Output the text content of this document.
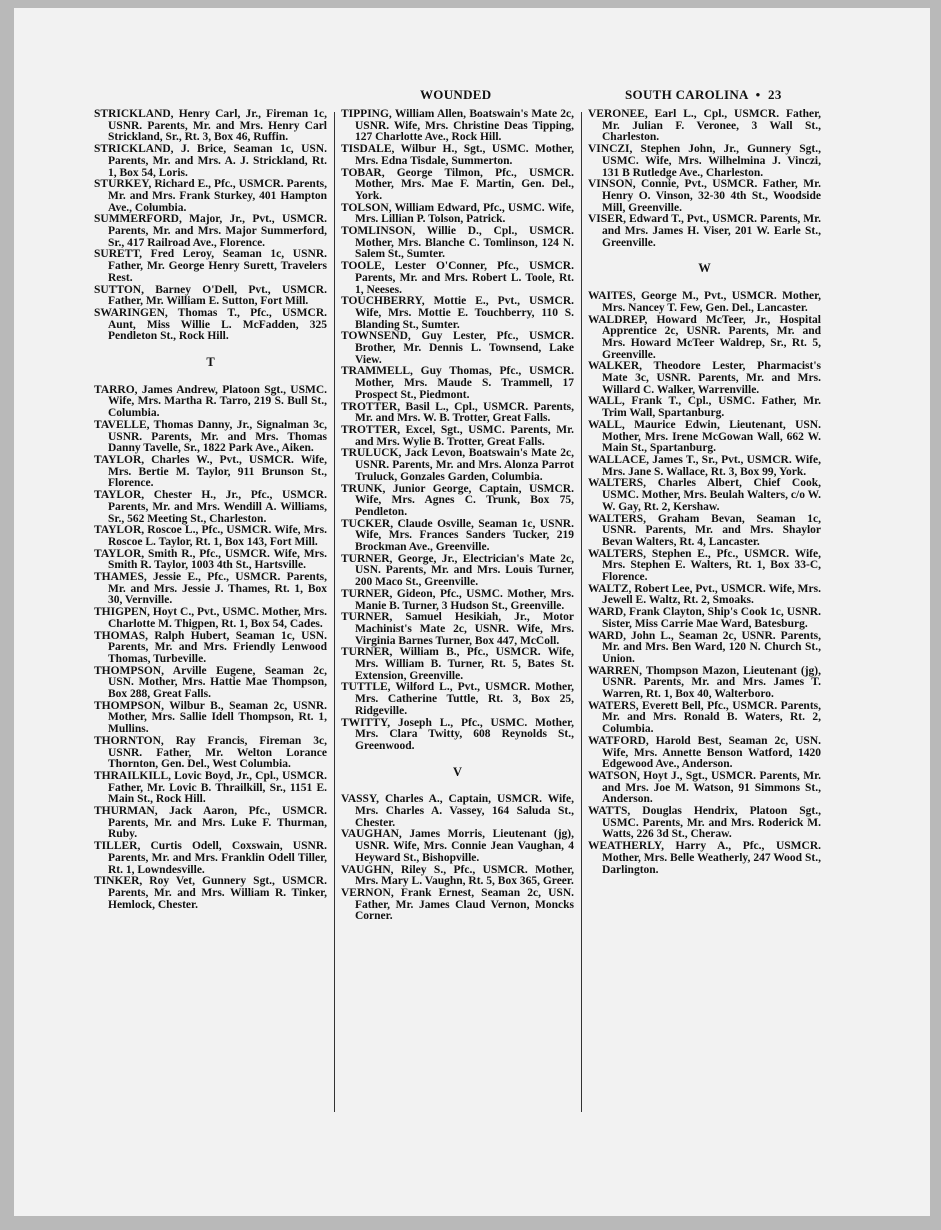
WOUNDED	SOUTH CAROLINA • 23

STRICKLAND, Henry Carl, Jr., Fireman 1c, USNR. Parents, Mr. and Mrs. Henry Carl Strickland, Sr., Rt. 3, Box 46, Ruffin.

STRICKLAND, J. Brice, Seaman 1c, USN. Parents, Mr. and Mrs. A. J. Strickland, Rt. 1, Box 54, Loris.

STURKEY, Richard E., Pfc., USMCR. Parents, Mr. and Mrs. Frank Sturkey, 401 Hampton Ave., Columbia.

SUMMERFORD, Major, Jr., Pvt., USMCR. Parents, Mr. and Mrs. Major Summerford, Sr., 417 Railroad Ave., Florence.

SURETT, Fred Leroy, Seaman 1c, USNR. Father, Mr. George Henry Surett, Travelers Rest.

SUTTON, Barney O'Dell, Pvt., USMCR. Father, Mr. William E. Sutton, Fort Mill.

SWARINGEN, Thomas T., Pfc., USMCR. Aunt, Miss Willie L. McFadden, 325 Pendleton St., Rock Hill.

T

TARRO, James Andrew, Platoon Sgt., USMC. Wife, Mrs. Martha R. Tarro, 219 S. Bull St., Columbia.

TAVELLE, Thomas Danny, Jr., Signalman 3c, USNR. Parents, Mr. and Mrs. Thomas Danny Tavelle, Sr., 1822 Park Ave., Aiken.

TAYLOR, Charles W., Pvt., USMCR. Wife, Mrs. Bertie M. Taylor, 911 Brunson St., Florence.

TAYLOR, Chester H., Jr., Pfc., USMCR. Parents, Mr. and Mrs. Wendill A. Williams, Sr., 562 Meeting St., Charleston.

TAYLOR, Roscoe L., Pfc., USMCR. Wife, Mrs. Roscoe L. Taylor, Rt. 1, Box 143, Fort Mill.

TAYLOR, Smith R., Pfc., USMCR. Wife, Mrs. Smith R. Taylor, 1003 4th St., Hartsville.

THAMES, Jessie E., Pfc., USMCR. Parents, Mr. and Mrs. Jessie J. Thames, Rt. 1, Box 30, Vernville.

THIGPEN, Hoyt C., Pvt., USMC. Mother, Mrs. Charlotte M. Thigpen, Rt. 1, Box 54, Cades.

THOMAS, Ralph Hubert, Seaman 1c, USN. Parents, Mr. and Mrs. Friendly Lenwood Thomas, Turbeville.

THOMPSON, Arville Eugene, Seaman 2c, USN. Mother, Mrs. Hattie Mae Thompson, Box 288, Great Falls.

THOMPSON, Wilbur B., Seaman 2c, USNR. Mother, Mrs. Sallie Idell Thompson, Rt. 1, Mullins.

THORNTON, Ray Francis, Fireman 3c, USNR. Father, Mr. Welton Lorance Thornton, Gen. Del., West Columbia.

THRAILKILL, Lovic Boyd, Jr., Cpl., USMCR. Father, Mr. Lovic B. Thrailkill, Sr., 1151 E. Main St., Rock Hill.

THURMAN, Jack Aaron, Pfc., USMCR. Parents, Mr. and Mrs. Luke F. Thurman, Ruby.

TILLER, Curtis Odell, Coxswain, USNR. Parents, Mr. and Mrs. Franklin Odell Tiller, Rt. 1, Lowndesville.

TINKER, Roy Vet, Gunnery Sgt., USMCR. Parents, Mr. and Mrs. William R. Tinker, Hemlock, Chester.

TIPPING, William Allen, Boatswain's Mate 2c, USNR. Wife, Mrs. Christine Deas Tipping, 127 Charlotte Ave., Rock Hill.

TISDALE, Wilbur H., Sgt., USMC. Mother, Mrs. Edna Tisdale, Summerton.

TOBAR, George Tilmon, Pfc., USMCR. Mother, Mrs. Mae F. Martin, Gen. Del., York.

TOLSON, William Edward, Pfc., USMC. Wife, Mrs. Lillian P. Tolson, Patrick.

TOMLINSON, Willie D., Cpl., USMCR. Mother, Mrs. Blanche C. Tomlinson, 124 N. Salem St., Sumter.

TOOLE, Lester O'Conner, Pfc., USMCR. Parents, Mr. and Mrs. Robert L. Toole, Rt. 1, Neeses.

TOUCHBERRY, Mottie E., Pvt., USMCR. Wife, Mrs. Mottie E. Touchberry, 110 S. Blanding St., Sumter.

TOWNSEND, Guy Lester, Pfc., USMCR. Brother, Mr. Dennis L. Townsend, Lake View.

TRAMMELL, Guy Thomas, Pfc., USMCR. Mother, Mrs. Maude S. Trammell, 17 Prospect St., Piedmont.

TROTTER, Basil L., Cpl., USMCR. Parents, Mr. and Mrs. W. B. Trotter, Great Falls.

TROTTER, Excel, Sgt., USMC. Parents, Mr. and Mrs. Wylie B. Trotter, Great Falls.

TRULUCK, Jack Levon, Boatswain's Mate 2c, USNR. Parents, Mr. and Mrs. Alonza Parrot Truluck, Gonzales Garden, Columbia.

TRUNK, Junior George, Captain, USMCR. Wife, Mrs. Agnes C. Trunk, Box 75, Pendleton.

TUCKER, Claude Osville, Seaman 1c, USNR. Wife, Mrs. Frances Sanders Tucker, 219 Brockman Ave., Greenville.

TURNER, George, Jr., Electrician's Mate 2c, USN. Parents, Mr. and Mrs. Louis Turner, 200 Maco St., Greenville.

TURNER, Gideon, Pfc., USMC. Mother, Mrs. Manie B. Turner, 3 Hudson St., Greenville.

TURNER, Samuel Hesikiah, Jr., Motor Machinist's Mate 2c, USNR. Wife, Mrs. Virginia Barnes Turner, Box 447, McColl.

TURNER, William B., Pfc., USMCR. Wife, Mrs. William B. Turner, Rt. 5, Bates St. Extension, Greenville.

TUTTLE, Wilford L., Pvt., USMCR. Mother, Mrs. Catherine Tuttle, Rt. 3, Box 25, Ridgeville.

TWITTY, Joseph L., Pfc., USMC. Mother, Mrs. Clara Twitty, 608 Reynolds St., Greenwood.

V

VASSY, Charles A., Captain, USMCR. Wife, Mrs. Charles A. Vassey, 164 Saluda St., Chester.

VAUGHAN, James Morris, Lieutenant (jg), USNR. Wife, Mrs. Connie Jean Vaughan, 4 Heyward St., Bishopville.

VAUGHN, Riley S., Pfc., USMCR. Mother, Mrs. Mary L. Vaughn, Rt. 5, Box 365, Greer.

VERNON, Frank Ernest, Seaman 2c, USN. Father, Mr. James Claud Vernon, Moncks Corner.

VERONEE, Earl L., Cpl., USMCR. Father, Mr. Julian F. Veronee, 3 Wall St., Charleston.

VINCZI, Stephen John, Jr., Gunnery Sgt., USMC. Wife, Mrs. Wilhelmina J. Vinczi, 131 B Rutledge Ave., Charleston.

VINSON, Connie, Pvt., USMCR. Father, Mr. Henry O. Vinson, 32-30 4th St., Woodside Mill, Greenville.

VISER, Edward T., Pvt., USMCR. Parents, Mr. and Mrs. James H. Viser, 201 W. Earle St., Greenville.

W

WAITES, George M., Pvt., USMCR. Mother, Mrs. Nancey T. Few, Gen. Del., Lancaster.

WALDREP, Howard McTeer, Jr., Hospital Apprentice 2c, USNR. Parents, Mr. and Mrs. Howard McTeer Waldrep, Sr., Rt. 5, Greenville.

WALKER, Theodore Lester, Pharmacist's Mate 3c, USNR. Parents, Mr. and Mrs. Willard C. Walker, Warrenville.

WALL, Frank T., Cpl., USMC. Father, Mr. Trim Wall, Spartanburg.

WALL, Maurice Edwin, Lieutenant, USN. Mother, Mrs. Irene McGowan Wall, 662 W. Main St., Spartanburg.

WALLACE, James T., Sr., Pvt., USMCR. Wife, Mrs. Jane S. Wallace, Rt. 3, Box 99, York.

WALTERS, Charles Albert, Chief Cook, USMC. Mother, Mrs. Beulah Walters, c/o W. W. Gay, Rt. 2, Kershaw.

WALTERS, Graham Bevan, Seaman 1c, USNR. Parents, Mr. and Mrs. Shaylor Bevan Walters, Rt. 4, Lancaster.

WALTERS, Stephen E., Pfc., USMCR. Wife, Mrs. Stephen E. Walters, Rt. 1, Box 33-C, Florence.

WALTZ, Robert Lee, Pvt., USMCR. Wife, Mrs. Jewell E. Waltz, Rt. 2, Smoaks.

WARD, Frank Clayton, Ship's Cook 1c, USNR. Sister, Miss Carrie Mae Ward, Batesburg.

WARD, John L., Seaman 2c, USNR. Parents, Mr. and Mrs. Ben Ward, 120 N. Church St., Union.

WARREN, Thompson Mazon, Lieutenant (jg), USNR. Parents, Mr. and Mrs. James T. Warren, Rt. 1, Box 40, Walterboro.

WATERS, Everett Bell, Pfc., USMCR. Parents, Mr. and Mrs. Ronald B. Waters, Rt. 2, Columbia.

WATFORD, Harold Best, Seaman 2c, USN. Wife, Mrs. Annette Benson Watford, 1420 Edgewood Ave., Anderson.

WATSON, Hoyt J., Sgt., USMCR. Parents, Mr. and Mrs. Joe M. Watson, 91 Simmons St., Anderson.

WATTS, Douglas Hendrix, Platoon Sgt., USMC. Parents, Mr. and Mrs. Roderick M. Watts, 226 3d St., Cheraw.

WEATHERLY, Harry A., Pfc., USMCR. Mother, Mrs. Belle Weatherly, 247 Wood St., Darlington.
